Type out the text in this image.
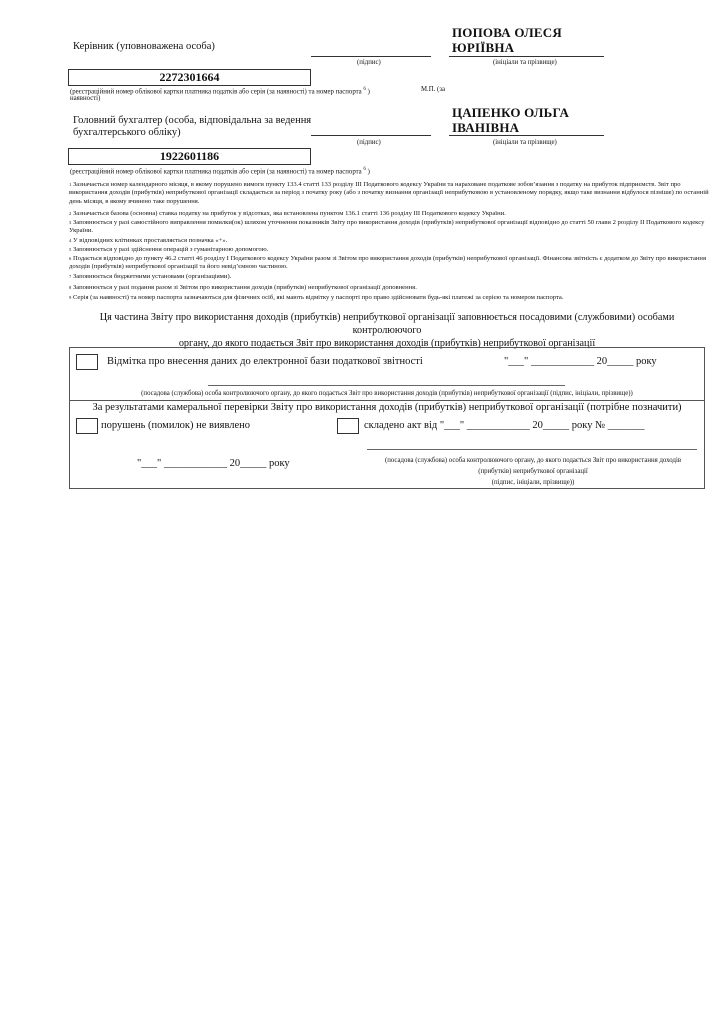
Керівник (уповноважена особа)
ПОПОВА ОЛЕСЯ
ЮРІЇВНА
(підпис)	(ініціали та прізвище)
2272301664
(реєстраційний номер облікової картки платника податків або серія (за наявності) та номер паспорта $^6$ )	М.П. (за
наявності)
Головний бухгалтер (особа, відповідальна за ведення
бухгалтерського обліку)
ЦАПЕНКО ОЛЬГА
ІВАНІВНА
(підпис)	(ініціали та прізвище)
1922601186
(реєстраційний номер облікової картки платника податків або серія (за наявності) та номер паспорта $^6$ )
$^1$ Зазначається номер календарного місяця, в якому порушено вимоги пункту 133.4 статті 133 розділу ІІІ Податкового кодексу України та нараховане податкове зобов’язання з податку на прибуток підприємств. Звіт про використання доходів (прибутків) неприбуткової організації складається за період з початку року (або з початку визнання організації неприбутковою в установленому порядку, якщо таке визнання відбулося пізніше) по останній день місяця, в якому вчинено таке порушення.
$^2$ Зазначається базова (основна) ставка податку на прибуток у відсотках, яка встановлена пунктом 136.1 статті 136 розділу ІІІ Податкового кодексу України.
$^3$ Заповнюється у разі самостійного виправлення помилки(ок) шляхом уточнення показників Звіту про використання доходів (прибутків) неприбуткової організації відповідно до статті 50 глави 2 розділу ІІ Податкового кодексу України.
$^4$ У відповідних клітинках проставляється позначка «+».
$^5$ Заповнюється у разі здійснення операцій з гуманітарною допомогою.
$^6$ Подається відповідно до пункту 46.2 статті 46 розділу І Податкового кодексу України разом зі Звітом про використання доходів (прибутків) неприбуткової організації. Фінансова звітність є додатком до Звіту про використання доходів (прибутків) неприбуткової організації та його невід’ємною частиною.
$^7$ Заповнюється бюджетними установами (організаціями).
$^8$ Заповнюється у разі подання разом зі Звітом про використання доходів (прибутків) неприбуткової організації доповнення.
$^9$ Серія (за наявності) та номер паспорта зазначаються для фізичних осіб, які мають відмітку у паспорті про право здійснювати будь-які платежі за серією та номером паспорта.
Ця частина Звіту про використання доходів (прибутків) неприбуткової організації заповнюється посадовими (службовими) особами контролюючого
органу, до якого подається Звіт про використання доходів (прибутків) неприбуткової організації
Відмітка про внесення даних до електронної бази податкової звітності	"___" ____________ 20_____ року
(посадова (службова) особа контролюючого органу, до якого подається Звіт про використання доходів (прибутків) неприбуткової організації (підпис, ініціали, прізвище))
За результатами камеральної перевірки Звіту про використання доходів (прибутків) неприбуткової організації (потрібне позначити)
порушень (помилок) не виявлено	складено акт від "___" ____________ 20_____ року № _______
"___" ____________ 20_____ року	(посадова (службова) особа контролюючого органу, до якого подається Звіт про використання доходів
(прибутків) неприбуткової організації
(підпис, ініціали, прізвище))
